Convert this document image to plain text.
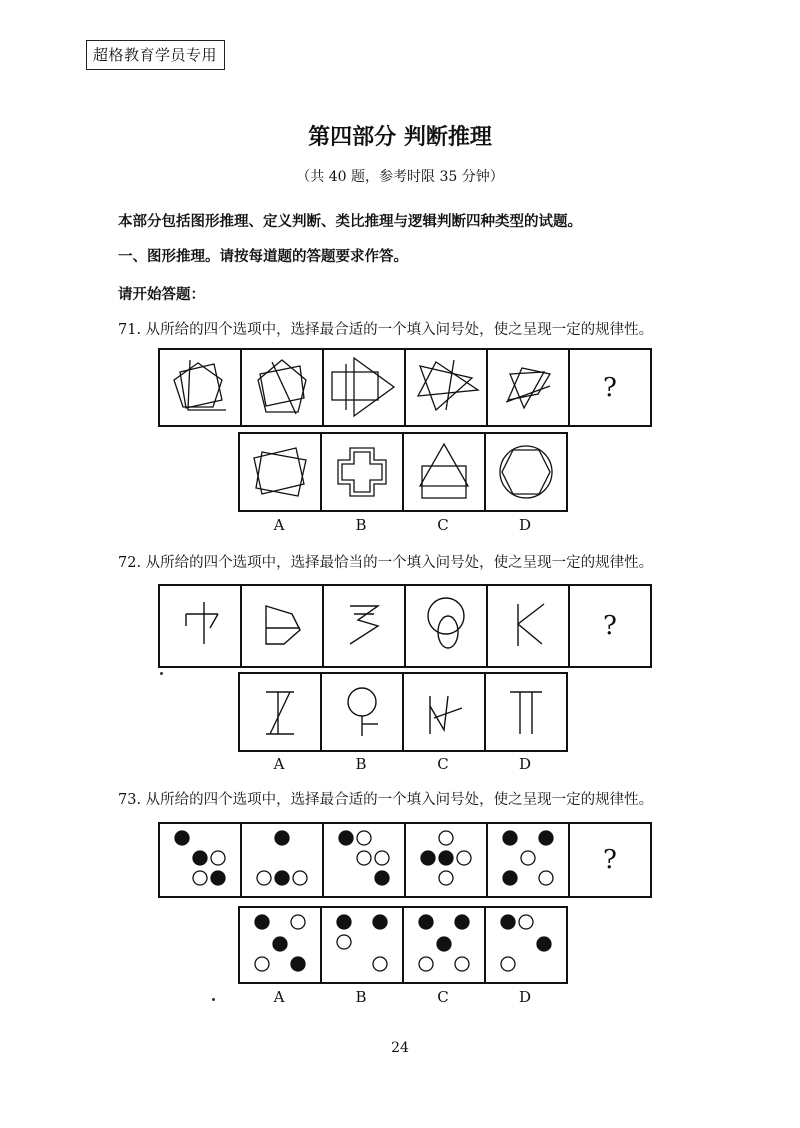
超格教育学员专用
第四部分 判断推理
（共 40 题，参考时限 35 分钟）
本部分包括图形推理、定义判断、类比推理与逻辑判断四种类型的试题。
一、图形推理。请按每道题的答题要求作答。
请开始答题：
71. 从所给的四个选项中，选择最合适的一个填入问号处，使之呈现一定的规律性。
?
A	B	C	D
72. 从所给的四个选项中，选择最恰当的一个填入问号处，使之呈现一定的规律性。
?
A	B	C	D
73. 从所给的四个选项中，选择最合适的一个填入问号处，使之呈现一定的规律性。
?
A	B	C	D
24
